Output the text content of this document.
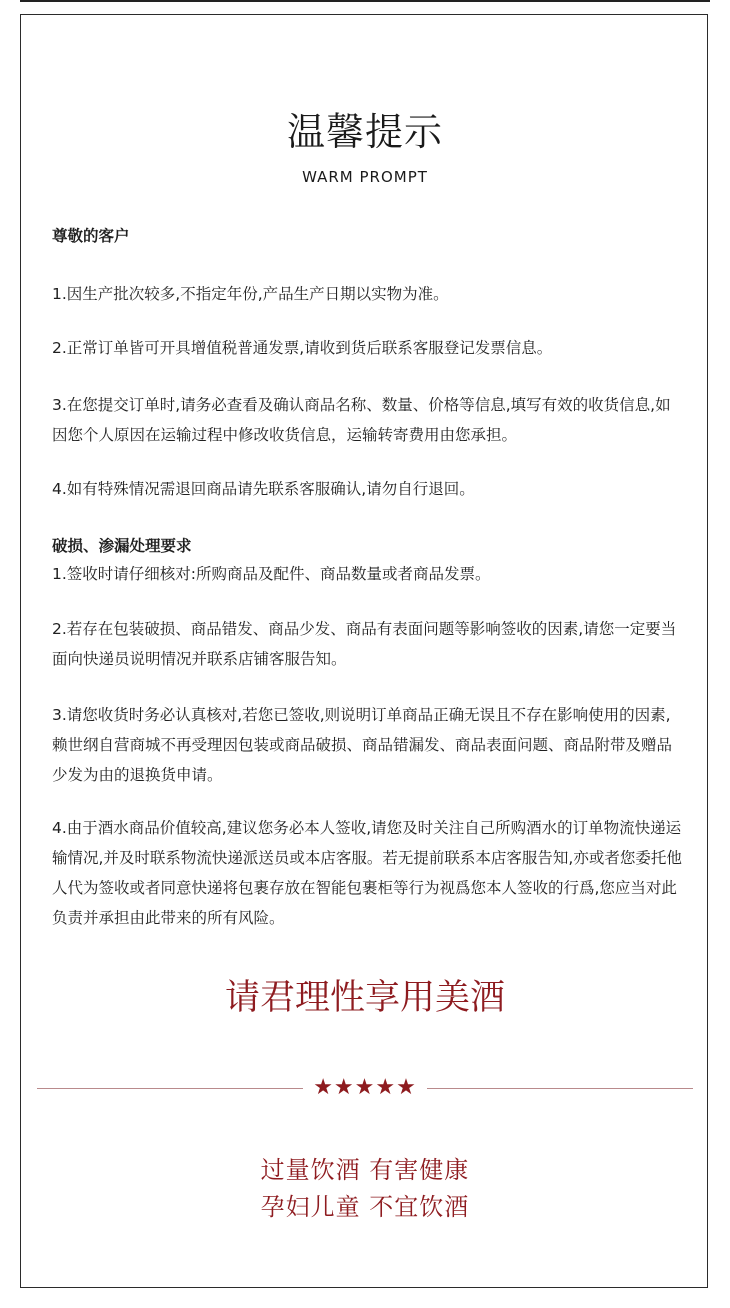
温馨提示
WARM PROMPT
尊敬的客户
1.因生产批次较多,不指定年份,产品生产日期以实物为准。
2.正常订单皆可开具增值税普通发票,请收到货后联系客服登记发票信息。
3.在您提交订单时,请务必查看及确认商品名称、数量、价格等信息,填写有效的收货信息,如因您个人原因在运输过程中修改收货信息，运输转寄费用由您承担。
4.如有特殊情况需退回商品请先联系客服确认,请勿自行退回。
破损、渗漏处理要求
1.签收时请仔细核对:所购商品及配件、商品数量或者商品发票。
2.若存在包装破损、商品错发、商品少发、商品有表面问题等影响签收的因素,请您一定要当面向快递员说明情况并联系店铺客服告知。
3.请您收货时务必认真核对,若您已签收,则说明订单商品正确无误且不存在影响使用的因素,赖世纲自营商城不再受理因包装或商品破损、商品错漏发、商品表面问题、商品附带及赠品少发为由的退换货申请。
4.由于酒水商品价值较高,建议您务必本人签收,请您及时关注自己所购酒水的订单物流快递运输情况,并及时联系物流快递派送员或本店客服。若无提前联系本店客服告知,亦或者您委托他人代为签收或者同意快递将包裹存放在智能包裹柜等行为视爲您本人签收的行爲,您应当对此负责并承担由此带来的所有风险。
请君理性享用美酒
★★★★★
过量饮酒 有害健康
孕妇儿童 不宜饮酒
